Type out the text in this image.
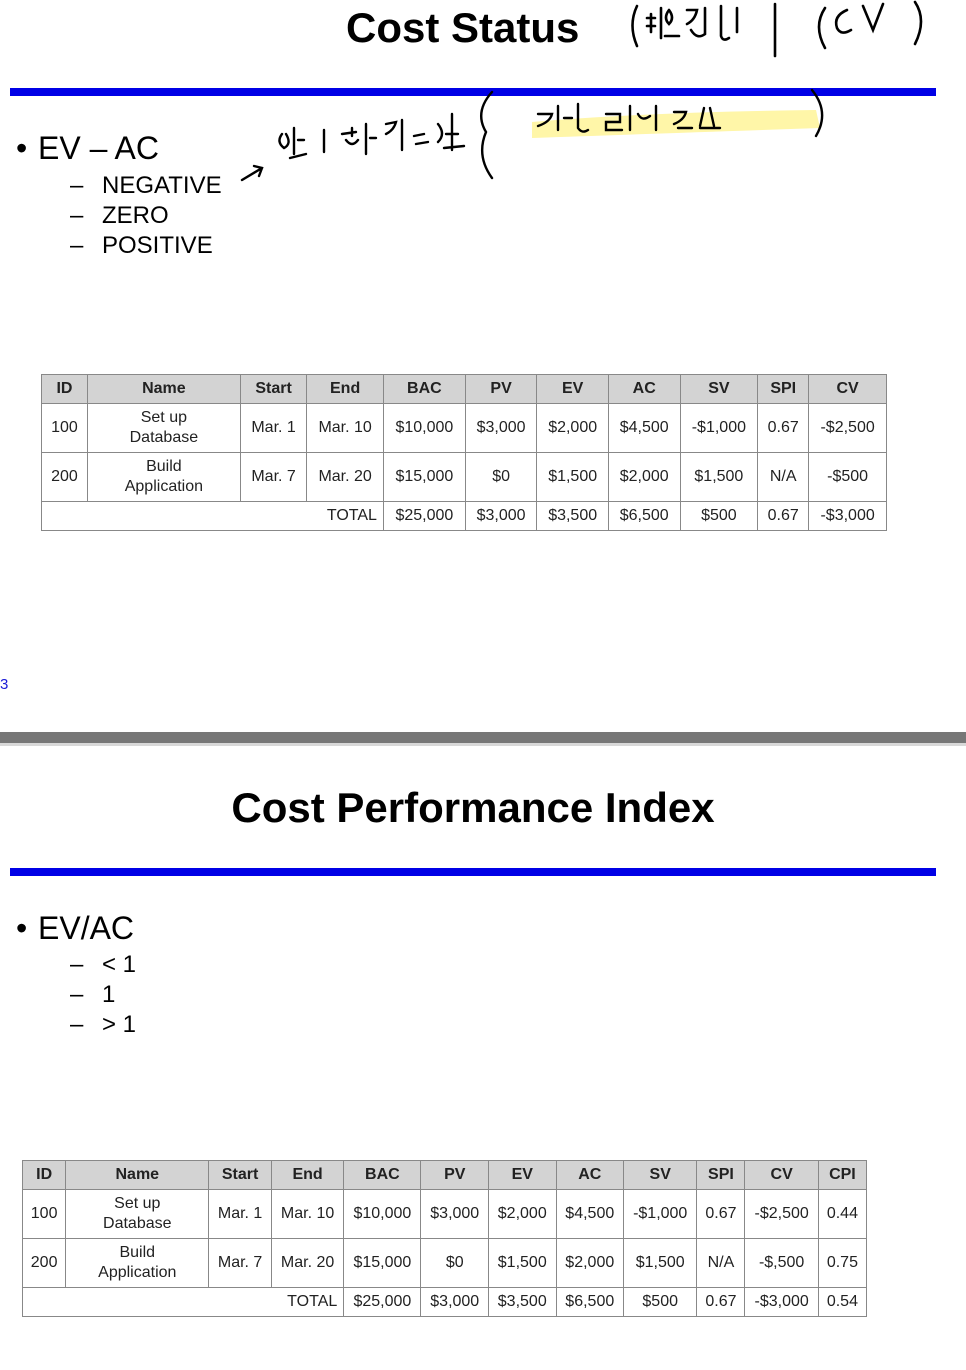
Cost Status
• EV – AC
– NEGATIVE
– ZERO
– POSITIVE
ID	Name	Start	End	BAC	PV	EV	AC	SV	SPI	CV
100	Set up
Database	Mar. 1	Mar. 10	$10,000	$3,000	$2,000	$4,500	-$1,000	0.67	-$2,500
200	Build
Application	Mar. 7	Mar. 20	$15,000	$0	$1,500	$2,000	$1,500	N/A	-$500
TOTAL				$25,000	$3,000	$3,500	$6,500	$500	0.67	-$3,000
3
Cost Performance Index
• EV/AC
– < 1
– 1
– > 1
ID	Name	Start	End	BAC	PV	EV	AC	SV	SPI	CV	CPI
100	Set up
Database	Mar. 1	Mar. 10	$10,000	$3,000	$2,000	$4,500	-$1,000	0.67	-$2,500	0.44
200	Build
Application	Mar. 7	Mar. 20	$15,000	$0	$1,500	$2,000	$1,500	N/A	-$,500	0.75
TOTAL				$25,000	$3,000	$3,500	$6,500	$500	0.67	-$3,000	0.54
